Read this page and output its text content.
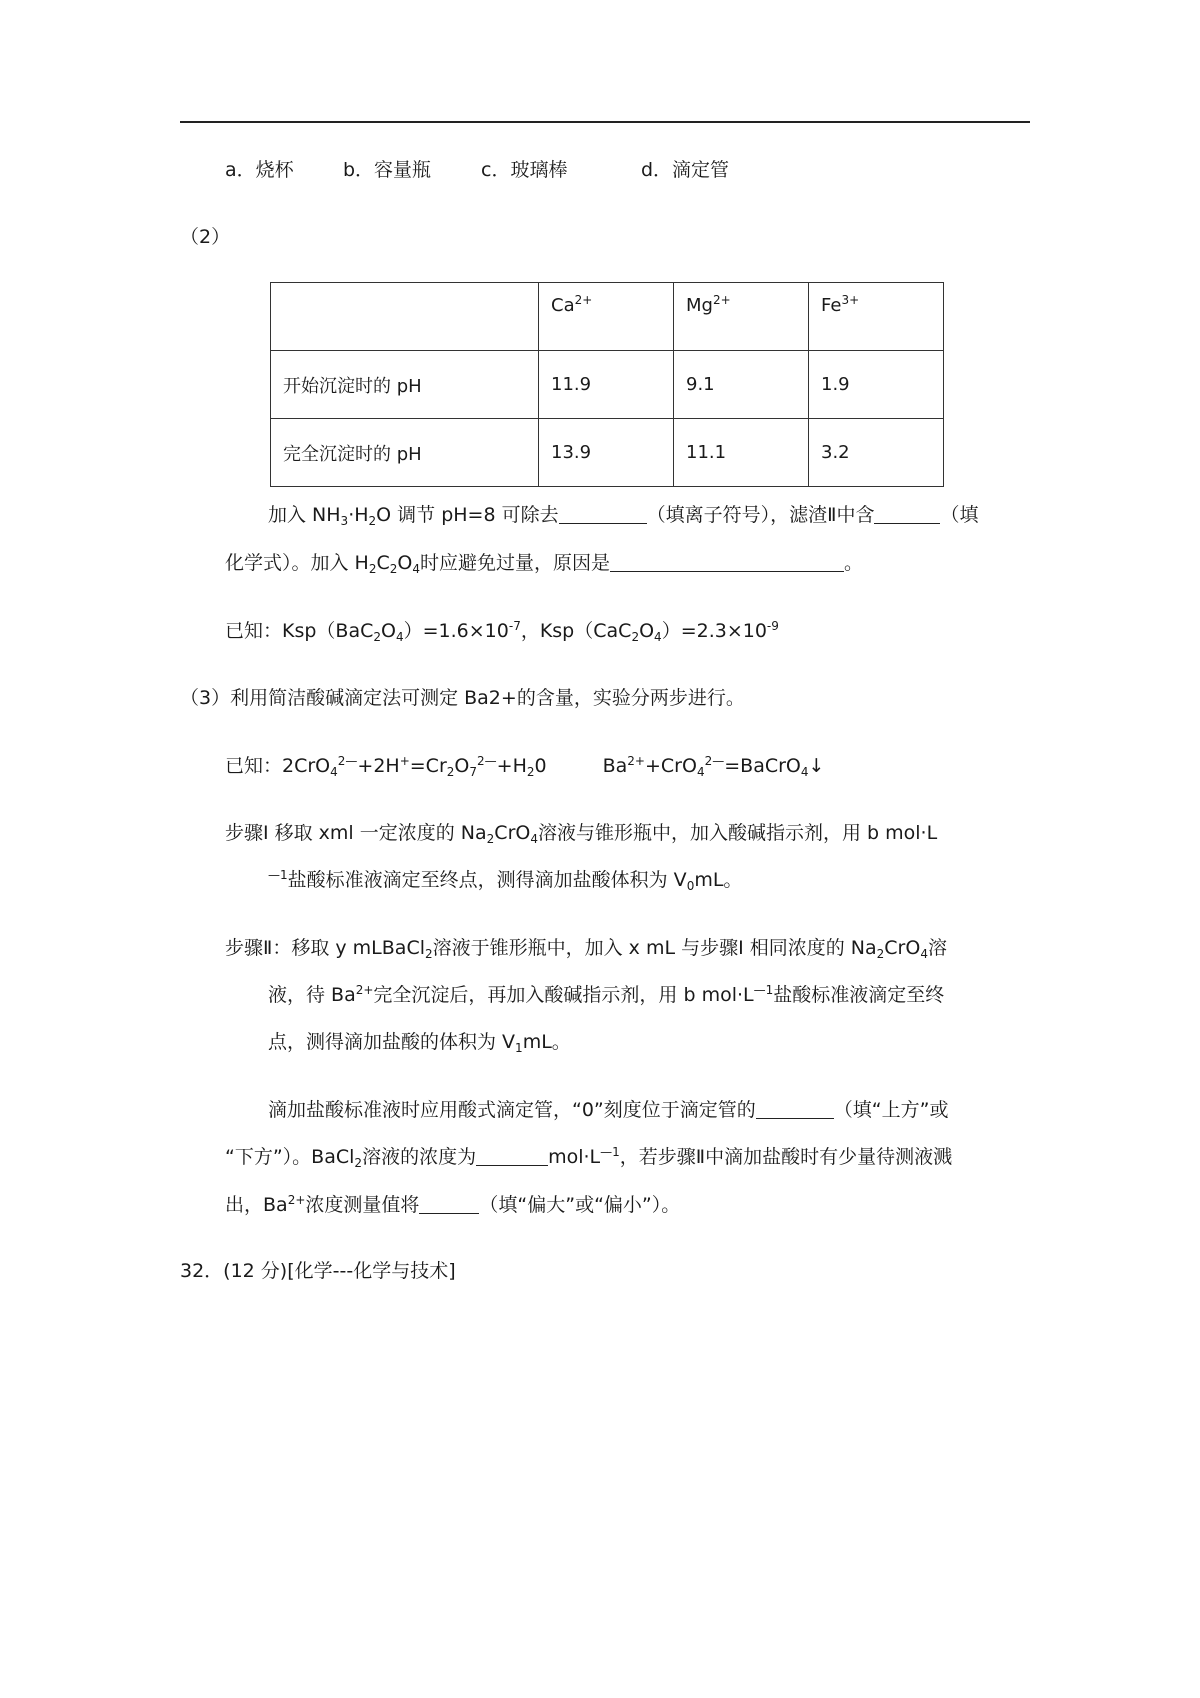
a．烧杯	b．容量瓶	c．玻璃棒	d．滴定管
（2）
	$Ca^{2+}$	$Mg^{2+}$	$Fe^{3+}$
开始沉淀时的 pH	11.9	9.1	1.9
完全沉淀时的 pH	13.9	11.1	3.2
加入 $NH_3\cdot H_2O$ 调节 pH=8 可除去	（填离子符号），滤渣Ⅱ中含	（填
化学式）。加入 $H_2C_2O_4$时应避免过量，原因是	。
已知：$Ksp(BaC_2O_4)=1.6\times 10^{-7}$，$Ksp(CaC_2O_4)=2.3\times 10^{-9}$
（3）利用简洁酸碱滴定法可测定 Ba2+的含量，实验分两步进行。
已知：$2CrO_4^{2—}+2H^+=Cr_2O_7^{2—}+H_20$	$Ba^{2+}+CrO_4^{2—}=BaCrO_4↓$
步骤Ⅰ 移取 xml 一定浓度的 $Na_2CrO_4$溶液与锥形瓶中，加入酸碱指示剂，用 b mol·L
$^{—1}$盐酸标准液滴定至终点，测得滴加盐酸体积为 $V_0mL$。
步骤Ⅱ：移取 y mLBaCl$_2$溶液于锥形瓶中，加入 x mL 与步骤Ⅰ 相同浓度的 $Na_2CrO_4$溶
液，待 $Ba^{2+}$完全沉淀后，再加入酸碱指示剂，用 b $mol\cdot L^{—1}$盐酸标准液滴定至终
点，测得滴加盐酸的体积为 $V_1mL$。
滴加盐酸标准液时应用酸式滴定管，“0”刻度位于滴定管的	（填“上方”或
“下方”）。BaCl$_2$溶液的浓度为	$mol\cdot L^{—1}$，若步骤Ⅱ中滴加盐酸时有少量待测液溅
出，$Ba^{2+}$浓度测量值将	（填“偏大”或“偏小”）。
32．(12 分)[化学---化学与技术]
